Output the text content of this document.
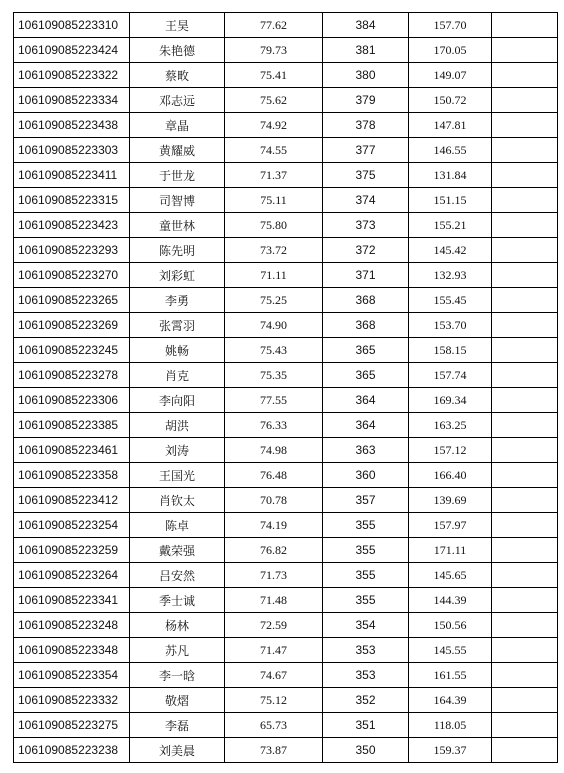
106109085223310	王昊	77.62	384	157.70	
106109085223424	朱艳德	79.73	381	170.05	
106109085223322	蔡畋	75.41	380	149.07	
106109085223334	邓志远	75.62	379	150.72	
106109085223438	章晶	74.92	378	147.81	
106109085223303	黄耀威	74.55	377	146.55	
106109085223411	于世龙	71.37	375	131.84	
106109085223315	司智博	75.11	374	151.15	
106109085223423	童世林	75.80	373	155.21	
106109085223293	陈先明	73.72	372	145.42	
106109085223270	刘彩虹	71.11	371	132.93	
106109085223265	李勇	75.25	368	155.45	
106109085223269	张霄羽	74.90	368	153.70	
106109085223245	姚畅	75.43	365	158.15	
106109085223278	肖克	75.35	365	157.74	
106109085223306	李向阳	77.55	364	169.34	
106109085223385	胡洪	76.33	364	163.25	
106109085223461	刘涛	74.98	363	157.12	
106109085223358	王国光	76.48	360	166.40	
106109085223412	肖钦太	70.78	357	139.69	
106109085223254	陈卓	74.19	355	157.97	
106109085223259	戴荣强	76.82	355	171.11	
106109085223264	吕安然	71.73	355	145.65	
106109085223341	季士诚	71.48	355	144.39	
106109085223248	杨林	72.59	354	150.56	
106109085223348	苏凡	71.47	353	145.55	
106109085223354	李一晗	74.67	353	161.55	
106109085223332	敬熠	75.12	352	164.39	
106109085223275	李磊	65.73	351	118.05	
106109085223238	刘美晨	73.87	350	159.37	
